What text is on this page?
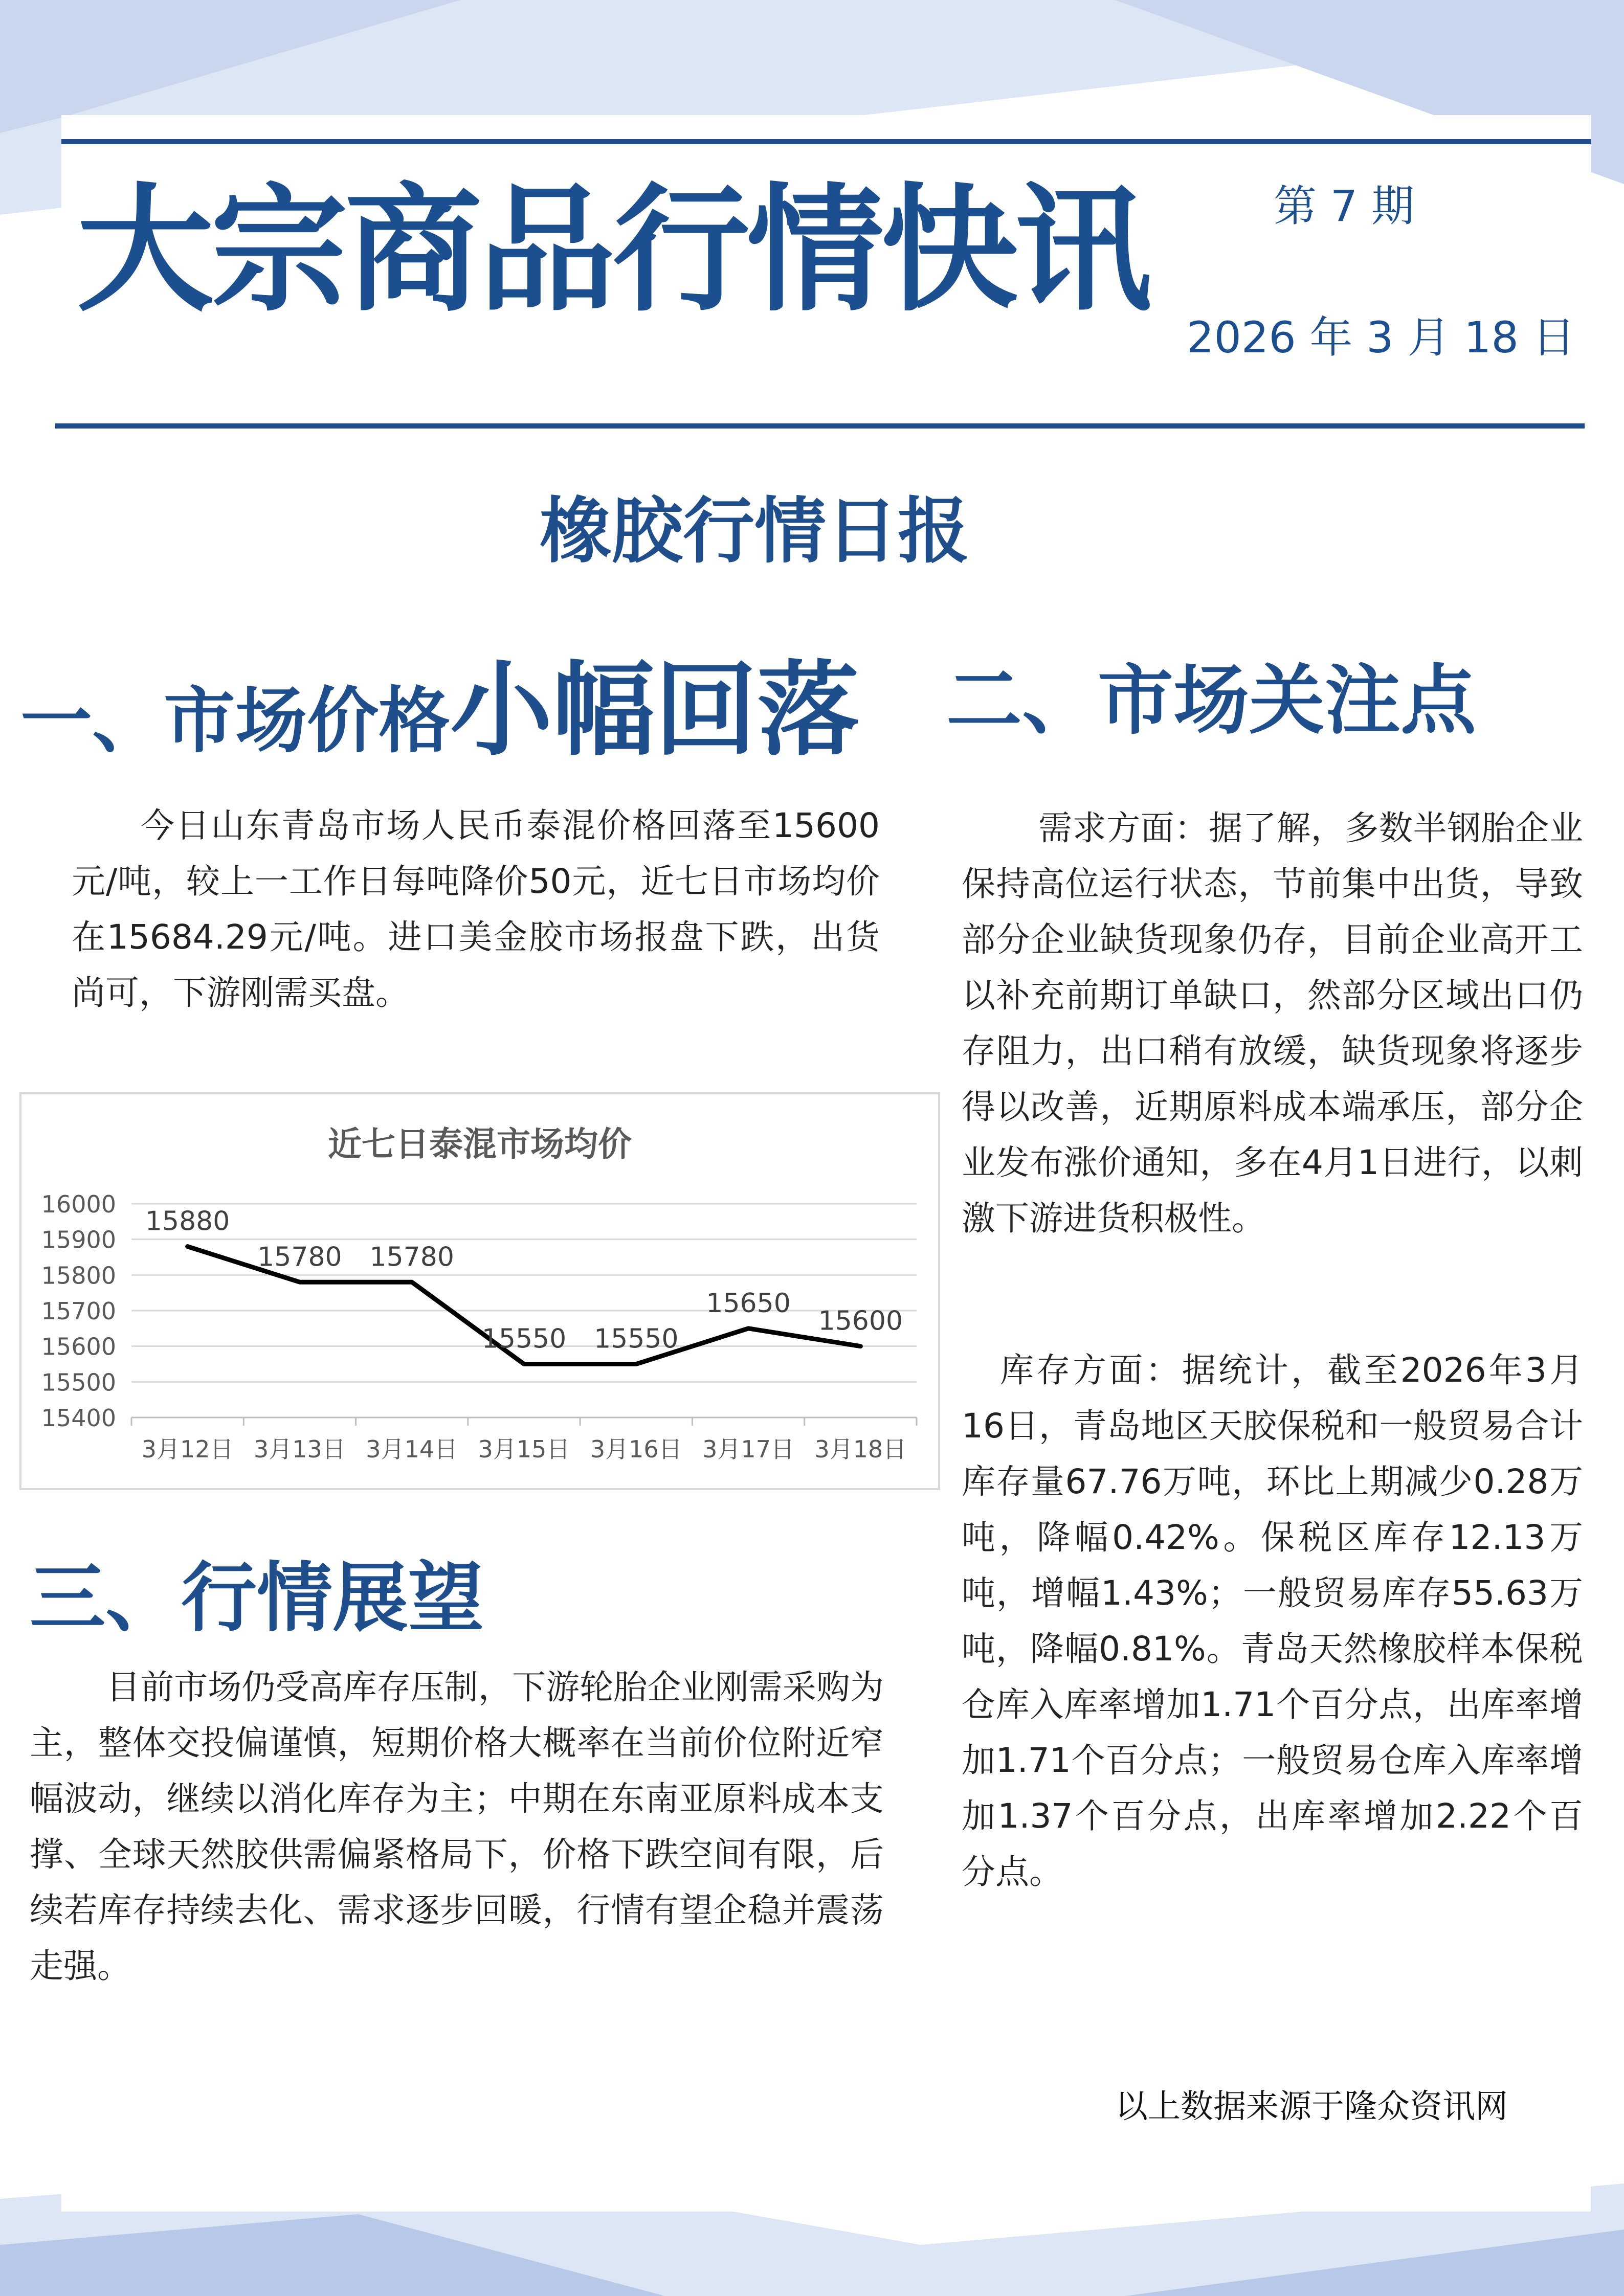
大宗商品行情快讯	第 7 期
2026 年 3 月 18 日
橡胶行情日报
一、市场价格小幅回落

今日山东青岛市场人民币泰混价格回落至15600元/吨，较上一工作日每吨降价50元，近七日市场均价在15684.29元/吨。进口美金胶市场报盘下跌，出货尚可，下游刚需买盘。

近七日泰混市场均价
15400
15500
15600
15700
15800
15900
16000
3月12日 3月13日 3月14日 3月15日 3月16日 3月17日 3月18日
15880
15780 15780
15550 15550
15650
15600
三、行情展望

目前市场仍受高库存压制，下游轮胎企业刚需采购为主，整体交投偏谨慎，短期价格大概率在当前价位附近窄幅波动，继续以消化库存为主；中期在东南亚原料成本支撑、全球天然胶供需偏紧格局下，价格下跌空间有限，后续若库存持续去化、需求逐步回暖，行情有望企稳并震荡走强。

二、市场关注点

需求方面：据了解，多数半钢胎企业保持高位运行状态，节前集中出货，导致部分企业缺货现象仍存，目前企业高开工以补充前期订单缺口，然部分区域出口仍存阻力，出口稍有放缓，缺货现象将逐步得以改善，近期原料成本端承压，部分企业发布涨价通知，多在4月1日进行，以刺激下游进货积极性。

库存方面：据统计，截至2026年3月16日，青岛地区天胶保税和一般贸易合计库存量67.76万吨，环比上期减少0.28万吨，降幅0.42%。保税区库存12.13万吨，增幅1.43%；一般贸易库存55.63万吨，降幅0.81%。青岛天然橡胶样本保税仓库入库率增加1.71个百分点，出库率增加1.71个百分点；一般贸易仓库入库率增加1.37个百分点，出库率增加2.22个百分点。

以上数据来源于隆众资讯网
